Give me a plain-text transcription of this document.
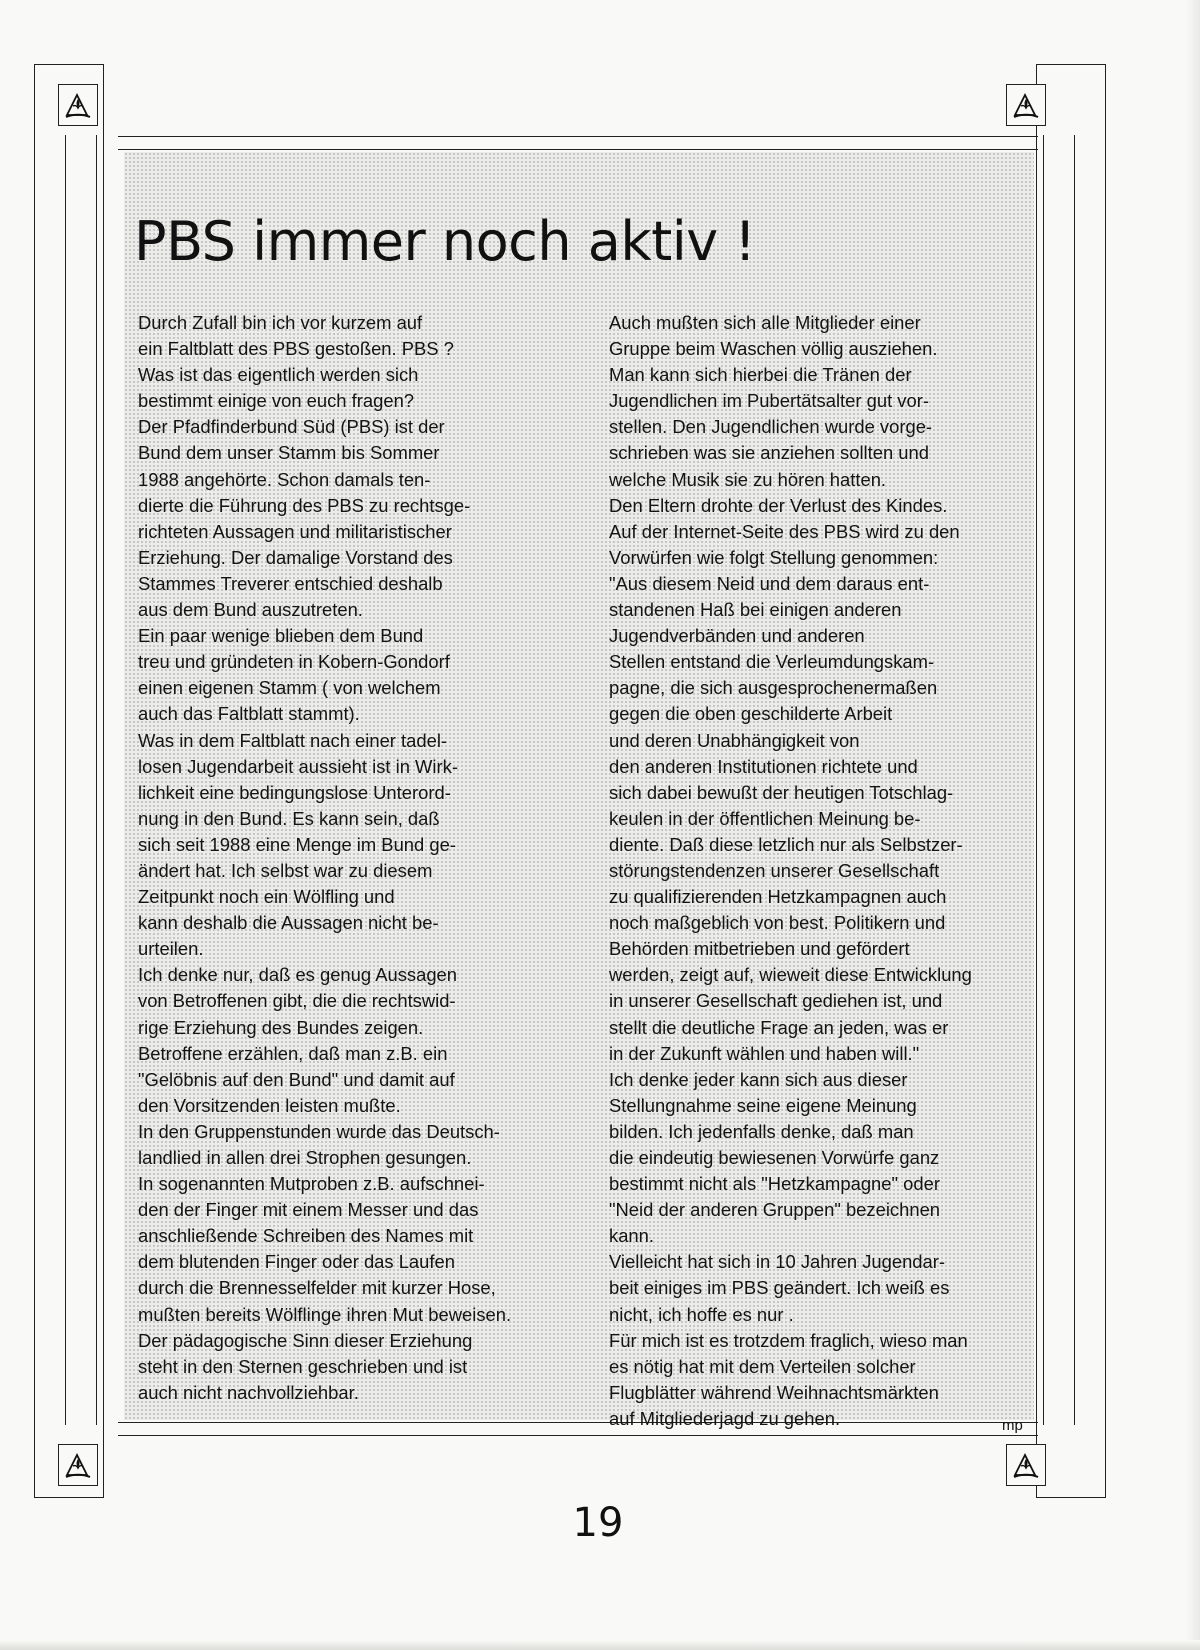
PBS immer noch aktiv !
Durch Zufall bin ich vor kurzem auf
ein Faltblatt des PBS gestoßen. PBS ?
Was ist das eigentlich werden sich
bestimmt einige von euch fragen?
Der Pfadfinderbund Süd (PBS) ist der
Bund dem unser Stamm bis Sommer
1988 angehörte. Schon damals ten-
dierte die Führung des PBS zu rechtsge-
richteten Aussagen und militaristischer
Erziehung. Der damalige Vorstand des
Stammes Treverer entschied deshalb
aus dem Bund auszutreten.
Ein paar wenige blieben dem Bund
treu und gründeten in Kobern-Gondorf
einen eigenen Stamm ( von welchem
auch das Faltblatt stammt).
Was in dem Faltblatt nach einer tadel-
losen Jugendarbeit aussieht ist in Wirk-
lichkeit eine bedingungslose Unterord-
nung in den Bund. Es kann sein, daß
sich seit 1988 eine Menge im Bund ge-
ändert hat. Ich selbst war zu diesem
Zeitpunkt noch ein Wölfling und
kann deshalb die Aussagen nicht be-
urteilen.
Ich denke nur, daß es genug Aussagen
von Betroffenen gibt, die die rechtswid-
rige Erziehung des Bundes zeigen.
Betroffene erzählen, daß man z.B. ein
"Gelöbnis auf den Bund" und damit auf
den Vorsitzenden leisten mußte.
In den Gruppenstunden wurde das Deutsch-
landlied in allen drei Strophen gesungen.
In sogenannten Mutproben z.B. aufschnei-
den der Finger mit einem Messer und das
anschließende Schreiben des Names mit
dem blutenden Finger oder das Laufen
durch die Brennesselfelder mit kurzer Hose,
mußten bereits Wölflinge ihren Mut beweisen.
Der pädagogische Sinn dieser Erziehung
steht in den Sternen geschrieben und ist
auch nicht nachvollziehbar.
Auch mußten sich alle Mitglieder einer
Gruppe beim Waschen völlig ausziehen.
Man kann sich hierbei die Tränen der
Jugendlichen im Pubertätsalter gut vor-
stellen. Den Jugendlichen wurde vorge-
schrieben was sie anziehen sollten und
welche Musik sie zu hören hatten.
Den Eltern drohte der Verlust des Kindes.
Auf der Internet-Seite des PBS wird zu den
Vorwürfen wie folgt Stellung genommen:
"Aus diesem Neid und dem daraus ent-
standenen Haß bei einigen anderen
Jugendverbänden und anderen
Stellen entstand die Verleumdungskam-
pagne, die sich ausgesprochenermaßen
gegen die oben geschilderte Arbeit
und deren Unabhängigkeit von
den anderen Institutionen richtete und
sich dabei bewußt der heutigen Totschlag-
keulen in der öffentlichen Meinung be-
diente. Daß diese letzlich nur als Selbstzer-
störungstendenzen unserer Gesellschaft
zu qualifizierenden Hetzkampagnen auch
noch maßgeblich von best. Politikern und
Behörden mitbetrieben und gefördert
werden, zeigt auf, wieweit diese Entwicklung
in unserer Gesellschaft gediehen ist, und
stellt die deutliche Frage an jeden, was er
in der Zukunft wählen und haben will."
Ich denke jeder kann sich aus dieser
Stellungnahme seine eigene Meinung
bilden. Ich jedenfalls denke, daß man
die eindeutig bewiesenen Vorwürfe ganz
bestimmt nicht als "Hetzkampagne" oder
"Neid der anderen Gruppen" bezeichnen
kann.
Vielleicht hat sich in 10 Jahren Jugendar-
beit einiges im PBS geändert. Ich weiß es
nicht, ich hoffe es nur .
Für mich ist es trotzdem fraglich, wieso man
es nötig hat mit dem Verteilen solcher
Flugblätter während Weihnachtsmärkten
auf Mitgliederjagd zu gehen.	mp
19
